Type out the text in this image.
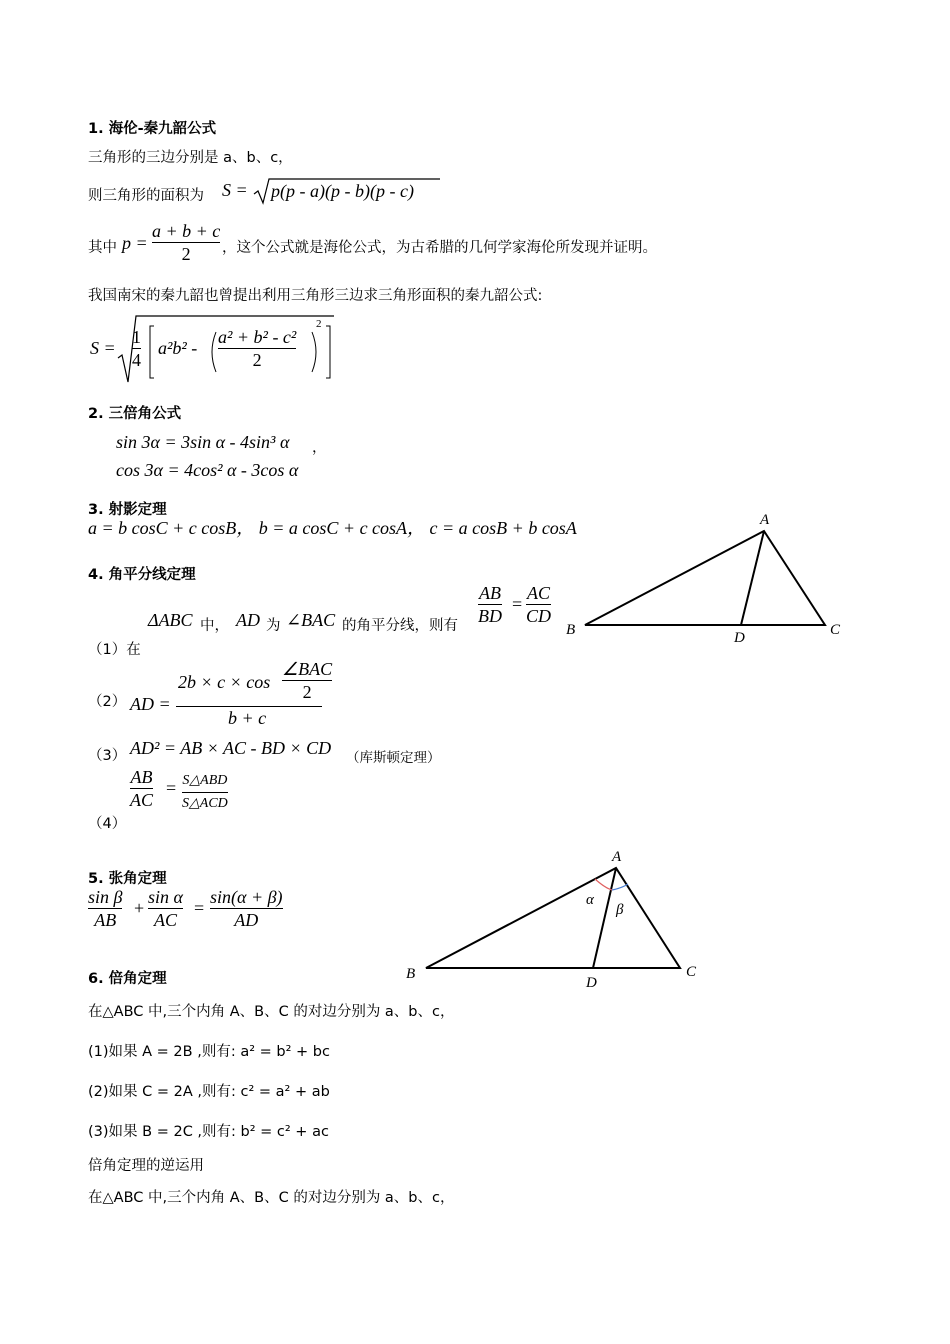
1. 海伦-秦九韶公式
三角形的三边分别是 a、b、c，
则三角形的面积为 S = p(p - a)(p - b)(p - c)
其中 p =
a + b + c
2 ，这个公式就是海伦公式，为古希腊的几何学家海伦所发现并证明。
我国南宋的秦九韶也曾提出利用三角形三边求三角形面积的秦九韶公式:
S =
1
4
a²b² -
a² + b² - c²
2
2
2. 三倍角公式
sin 3α = 3sin α - 4sin³ α ，
cos 3α = 4cos² α - 3cos α
3. 射影定理
a = b cosC + c cosB， b = a cosC + c cosA， c = a cosB + b cosA	A
B	C
D
4. 角平分线定理
ΔABC 中， AD 为 ∠BAC 的角平分线，则有
AB
BD
=
AC
CD
（1）在
（2） AD =
2b × c × cos
∠BAC
2
b + c
（3） AD² = AB × AC - BD × CD （库斯顿定理）
AB
AC
= S△ABD
S△ACD
（4）
5. 张角定理
sin β
AB
+
sin α
AC
=
sin(α + β)
AD
A
B	C
D
α
β
6. 倍角定理
在△ABC 中,三个内角 A、B、C 的对边分别为 a、b、c，
(1)如果 A = 2B ,则有: a² = b² + bc
(2)如果 C = 2A ,则有: c² = a² + ab
(3)如果 B = 2C ,则有: b² = c² + ac
倍角定理的逆运用
在△ABC 中,三个内角 A、B、C 的对边分别为 a、b、c，
